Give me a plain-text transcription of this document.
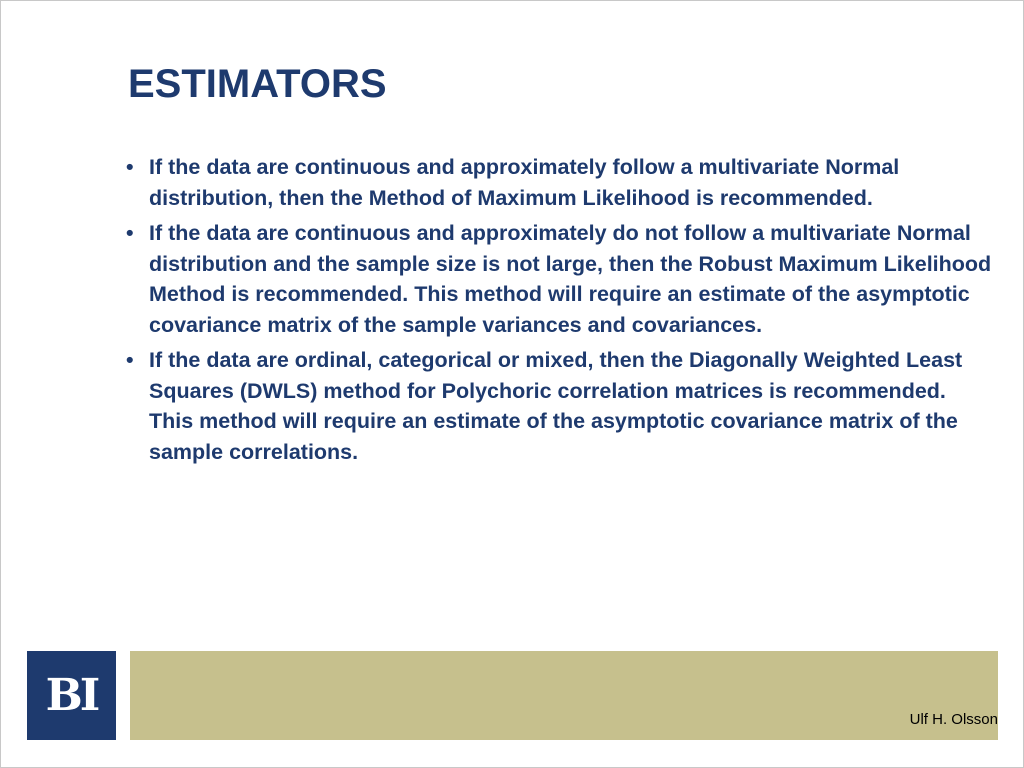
ESTIMATORS
• If the data are continuous and approximately follow a multivariate Normal distribution, then the Method of Maximum Likelihood is recommended.
• If the data are continuous and approximately do not follow a multivariate Normal distribution and the sample size is not large, then the Robust Maximum Likelihood Method is recommended. This method will require an estimate of the asymptotic covariance matrix of the sample variances and covariances.
• If the data are ordinal, categorical or mixed, then the Diagonally Weighted Least Squares (DWLS) method for Polychoric correlation matrices is recommended. This method will require an estimate of the asymptotic covariance matrix of the sample correlations.
BI	Ulf H. Olsson
